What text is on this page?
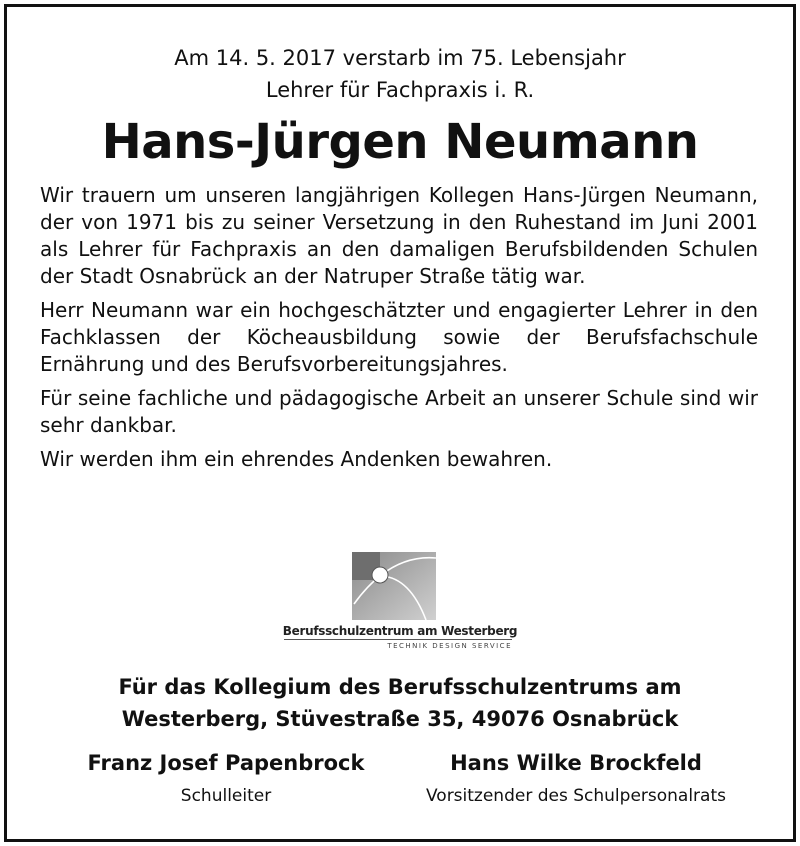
Am 14. 5. 2017 verstarb im 75. Lebensjahr
Lehrer für Fachpraxis i. R.
Hans-Jürgen Neumann

Wir trauern um unseren langjährigen Kollegen Hans-Jürgen Neumann, der von 1971 bis zu seiner Versetzung in den Ruhestand im Juni 2001 als Lehrer für Fachpraxis an den damaligen Berufsbildenden Schulen der Stadt Osnabrück an der Natruper Straße tätig war.

Herr Neumann war ein hochgeschätzter und engagierter Lehrer in den Fachklassen der Köcheausbildung sowie der Berufsfachschule Ernährung und des Berufsvorbereitungsjahres.

Für seine fachliche und pädagogische Arbeit an unserer Schule sind wir sehr dankbar.

Wir werden ihm ein ehrendes Andenken bewahren.

Berufsschulzentrum am Westerberg
TECHNIK DESIGN SERVICE
Für das Kollegium des Berufsschulzentrums am
Westerberg, Stüvestraße 35, 49076 Osnabrück
Franz Josef Papenbrock
Schulleiter
Hans Wilke Brockfeld
Vorsitzender des Schulpersonalrats
